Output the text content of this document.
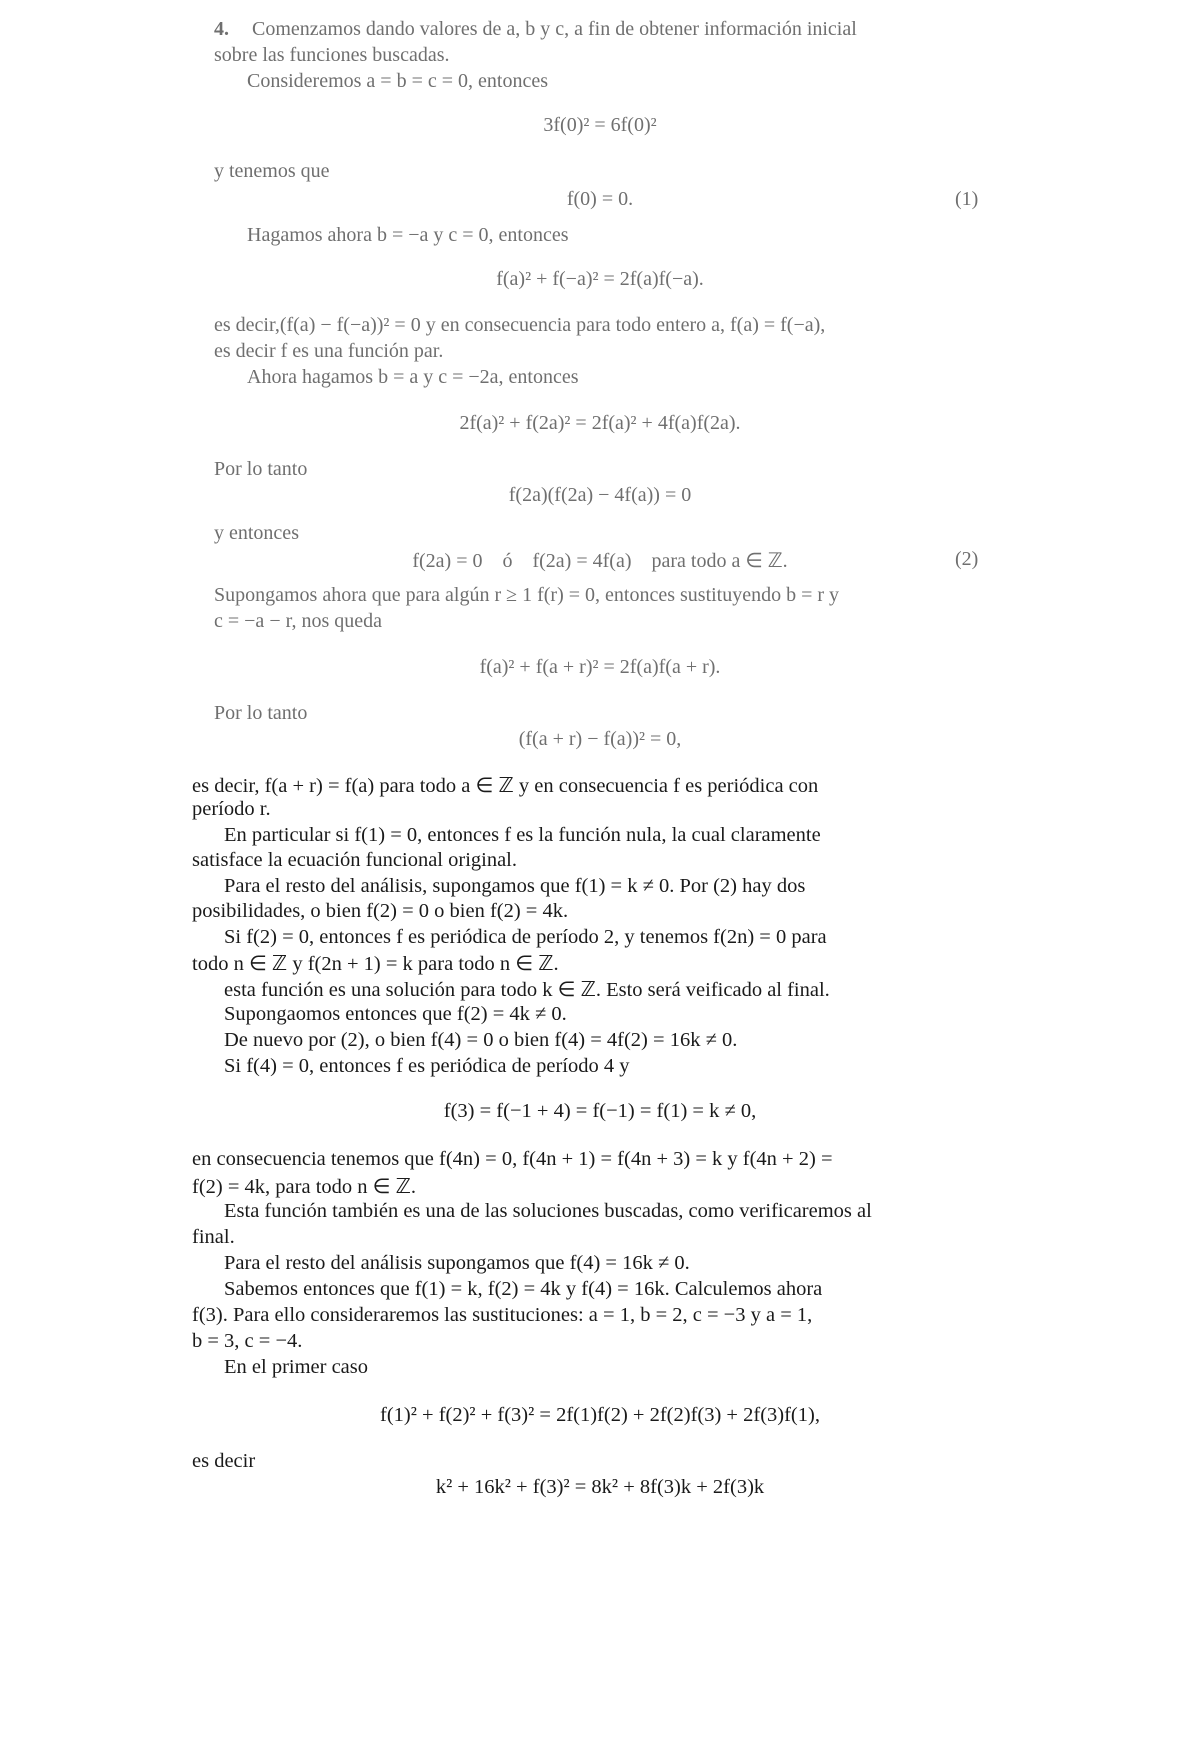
4. Comenzamos dando valores de a, b y c, a fin de obtener información inicial
sobre las funciones buscadas.
Consideremos a = b = c = 0, entonces
3f(0)² = 6f(0)²
y tenemos que
f(0) = 0.	(1)
Hagamos ahora b = −a y c = 0, entonces
f(a)² + f(−a)² = 2f(a)f(−a).
es decir,(f(a) − f(−a))² = 0 y en consecuencia para todo entero a, f(a) = f(−a),
es decir f es una función par.
Ahora hagamos b = a y c = −2a, entonces
2f(a)² + f(2a)² = 2f(a)² + 4f(a)f(2a).
Por lo tanto
f(2a)(f(2a) − 4f(a)) = 0
y entonces
f(2a) = 0    ó    f(2a) = 4f(a)    para todo a ∈ ℤ.	(2)
Supongamos ahora que para algún r ≥ 1 f(r) = 0, entonces sustituyendo b = r y
c = −a − r, nos queda
f(a)² + f(a + r)² = 2f(a)f(a + r).
Por lo tanto
(f(a + r) − f(a))² = 0,
es decir, f(a + r) = f(a) para todo a ∈ ℤ y en consecuencia f es periódica con
período r.
En particular si f(1) = 0, entonces f es la función nula, la cual claramente
satisface la ecuación funcional original.
Para el resto del análisis, supongamos que f(1) = k ≠ 0. Por (2) hay dos
posibilidades, o bien f(2) = 0 o bien f(2) = 4k.
Si f(2) = 0, entonces f es periódica de período 2, y tenemos f(2n) = 0 para
todo n ∈ ℤ y f(2n + 1) = k para todo n ∈ ℤ.
esta función es una solución para todo k ∈ ℤ. Esto será veificado al final.
Supongaomos entonces que f(2) = 4k ≠ 0.
De nuevo por (2), o bien f(4) = 0 o bien f(4) = 4f(2) = 16k ≠ 0.
Si f(4) = 0, entonces f es periódica de período 4 y
f(3) = f(−1 + 4) = f(−1) = f(1) = k ≠ 0,
en consecuencia tenemos que f(4n) = 0, f(4n + 1) = f(4n + 3) = k y f(4n + 2) =
f(2) = 4k, para todo n ∈ ℤ.
Esta función también es una de las soluciones buscadas, como verificaremos al
final.
Para el resto del análisis supongamos que f(4) = 16k ≠ 0.
Sabemos entonces que f(1) = k, f(2) = 4k y f(4) = 16k. Calculemos ahora
f(3). Para ello consideraremos las sustituciones: a = 1, b = 2, c = −3 y a = 1,
b = 3, c = −4.
En el primer caso
f(1)² + f(2)² + f(3)² = 2f(1)f(2) + 2f(2)f(3) + 2f(3)f(1),
es decir
k² + 16k² + f(3)² = 8k² + 8f(3)k + 2f(3)k
